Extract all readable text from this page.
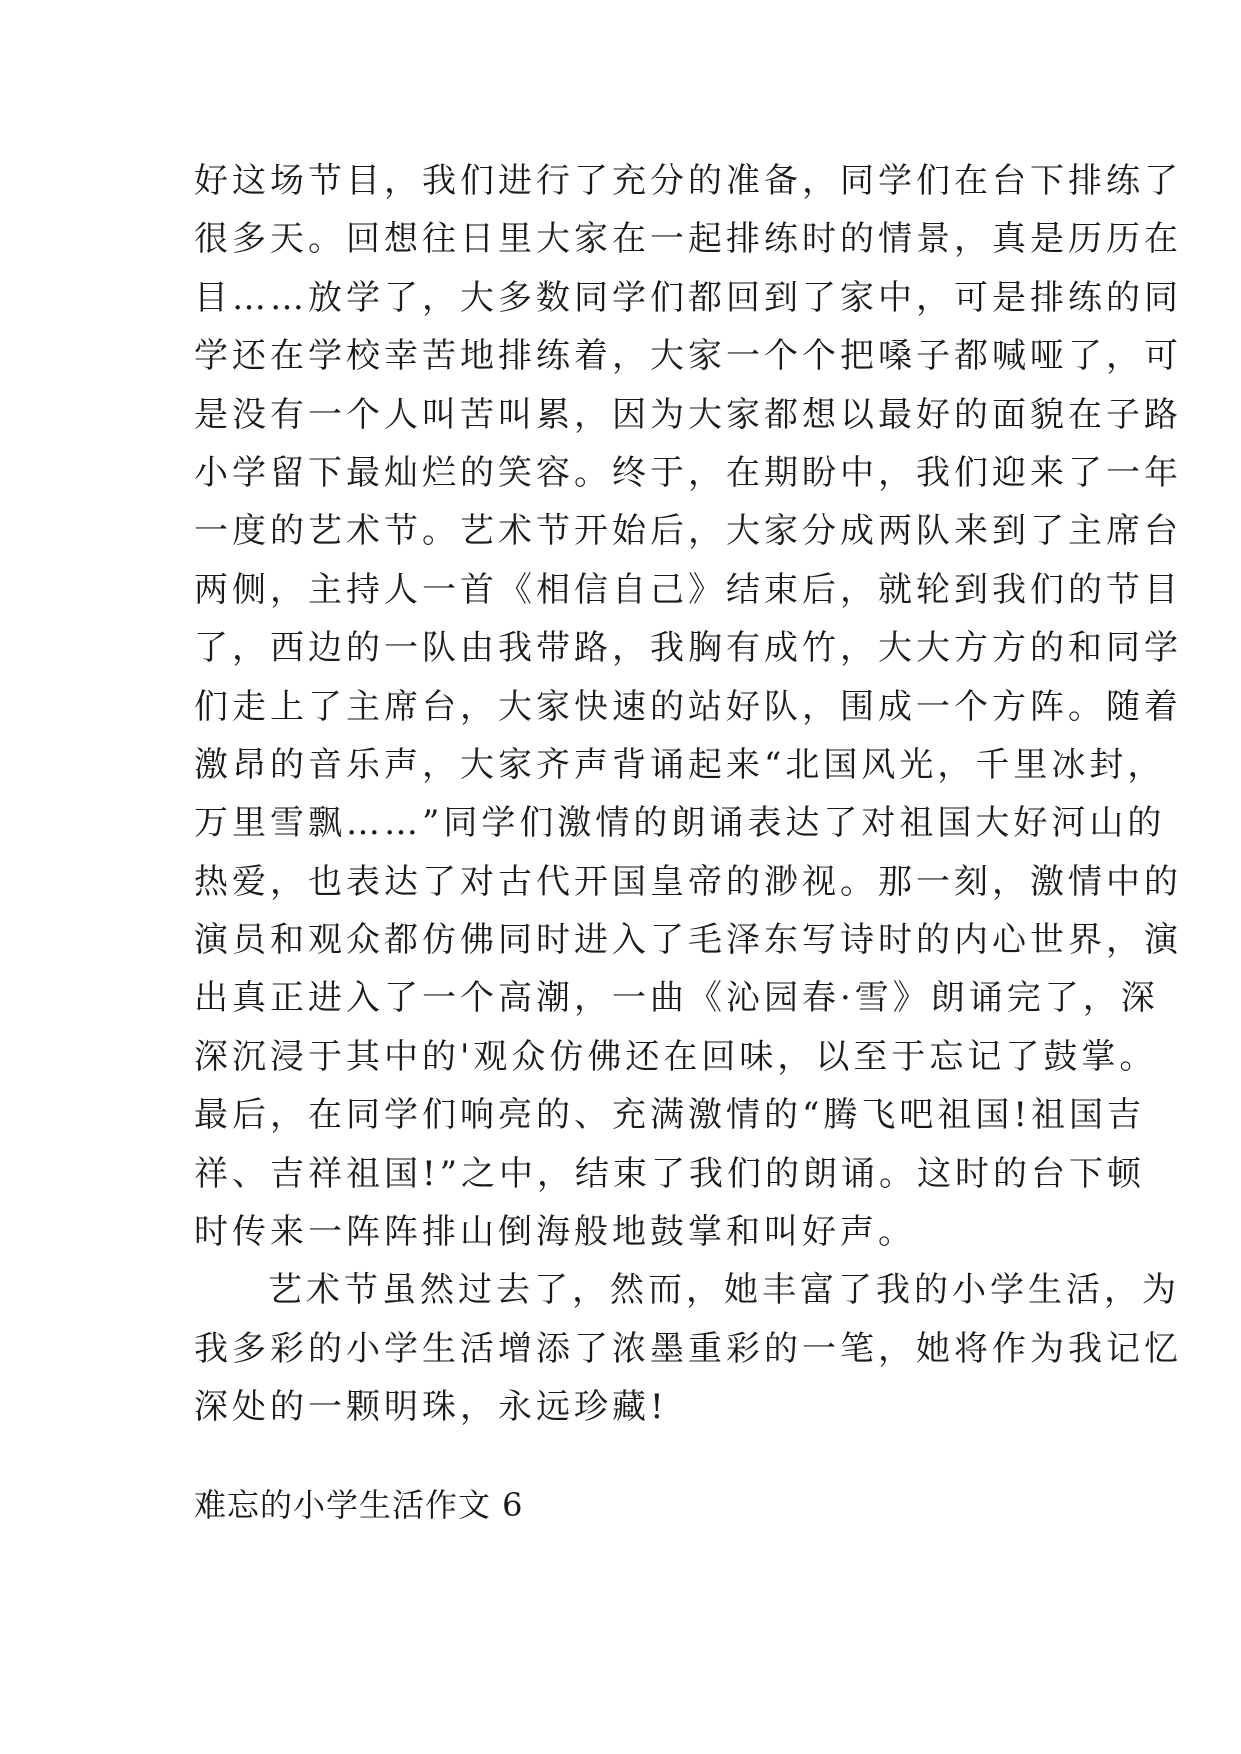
好这场节目，我们进行了充分的准备，同学们在台下排练了
很多天。回想往日里大家在一起排练时的情景，真是历历在
目……放学了，大多数同学们都回到了家中，可是排练的同
学还在学校幸苦地排练着，大家一个个把嗓子都喊哑了，可
是没有一个人叫苦叫累，因为大家都想以最好的面貌在子路
小学留下最灿烂的笑容。终于，在期盼中，我们迎来了一年
一度的艺术节。艺术节开始后，大家分成两队来到了主席台
两侧，主持人一首《相信自己》结束后，就轮到我们的节目
了，西边的一队由我带路，我胸有成竹，大大方方的和同学
们走上了主席台，大家快速的站好队，围成一个方阵。随着
激昂的音乐声，大家齐声背诵起来“北国风光，千里冰封，
万里雪飘……”同学们激情的朗诵表达了对祖国大好河山的
热爱，也表达了对古代开国皇帝的渺视。那一刻，激情中的
演员和观众都仿佛同时进入了毛泽东写诗时的内心世界，演
出真正进入了一个高潮，一曲《沁园春·雪》朗诵完了，深
深沉浸于其中的'观众仿佛还在回味，以至于忘记了鼓掌。
最后，在同学们响亮的、充满激情的“腾飞吧祖国!祖国吉
祥、吉祥祖国!”之中，结束了我们的朗诵。这时的台下顿
时传来一阵阵排山倒海般地鼓掌和叫好声。
艺术节虽然过去了，然而，她丰富了我的小学生活，为
我多彩的小学生活增添了浓墨重彩的一笔，她将作为我记忆
深处的一颗明珠，永远珍藏!
难忘的小学生活作文 6
